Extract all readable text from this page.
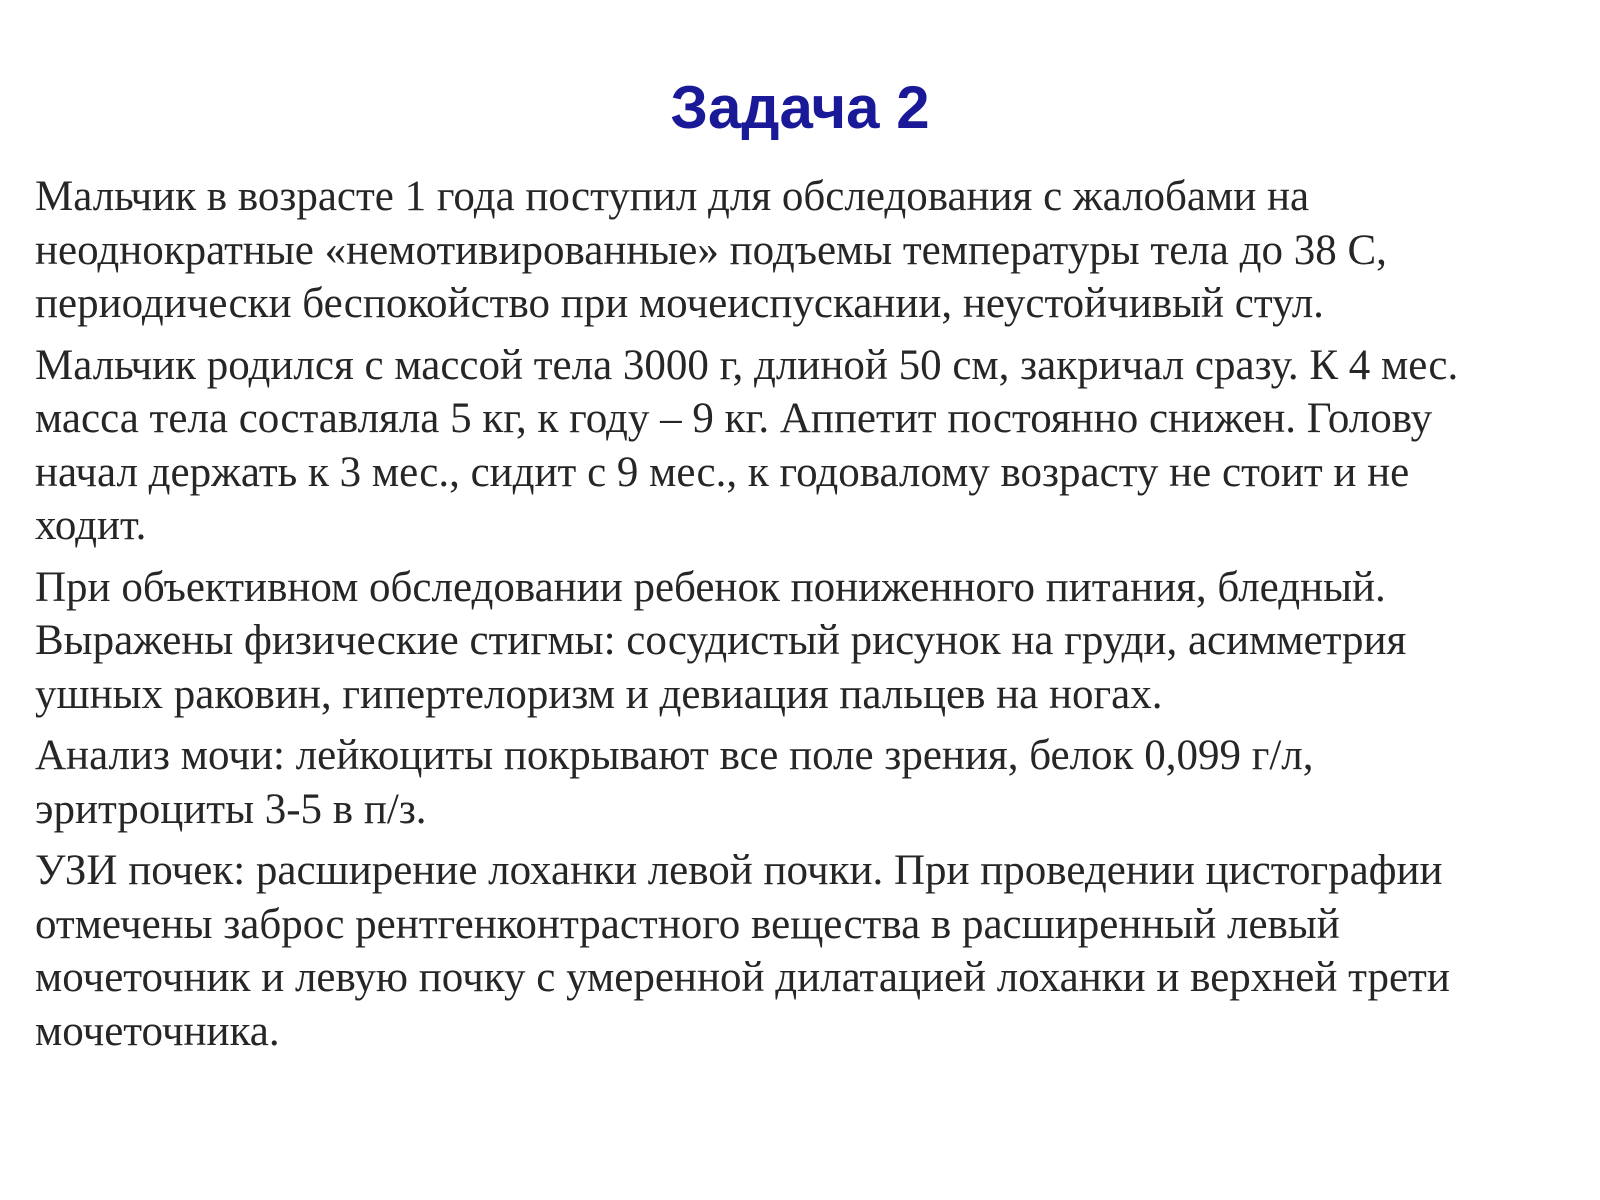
Задача 2

Мальчик в возрасте 1 года поступил для обследования с жалобами на
неоднократные «немотивированные» подъемы температуры тела до 38 С,
периодически беспокойство при мочеиспускании, неустойчивый стул.

Мальчик родился с массой тела 3000 г, длиной 50 см, закричал сразу. К 4 мес.
масса тела составляла 5 кг, к году – 9 кг. Аппетит постоянно снижен. Голову
начал держать к 3 мес., сидит с 9 мес., к годовалому возрасту не стоит и не
ходит.

При объективном обследовании ребенок пониженного питания, бледный.
Выражены физические стигмы: сосудистый рисунок на груди, асимметрия
ушных раковин, гипертелоризм и девиация пальцев на ногах.

Анализ мочи: лейкоциты покрывают все поле зрения, белок 0,099 г/л,
эритроциты 3-5 в п/з.

УЗИ почек: расширение лоханки левой почки. При проведении цистографии
отмечены заброс рентгенконтрастного вещества в расширенный левый
мочеточник и левую почку с умеренной дилатацией лоханки и верхней трети
мочеточника.
